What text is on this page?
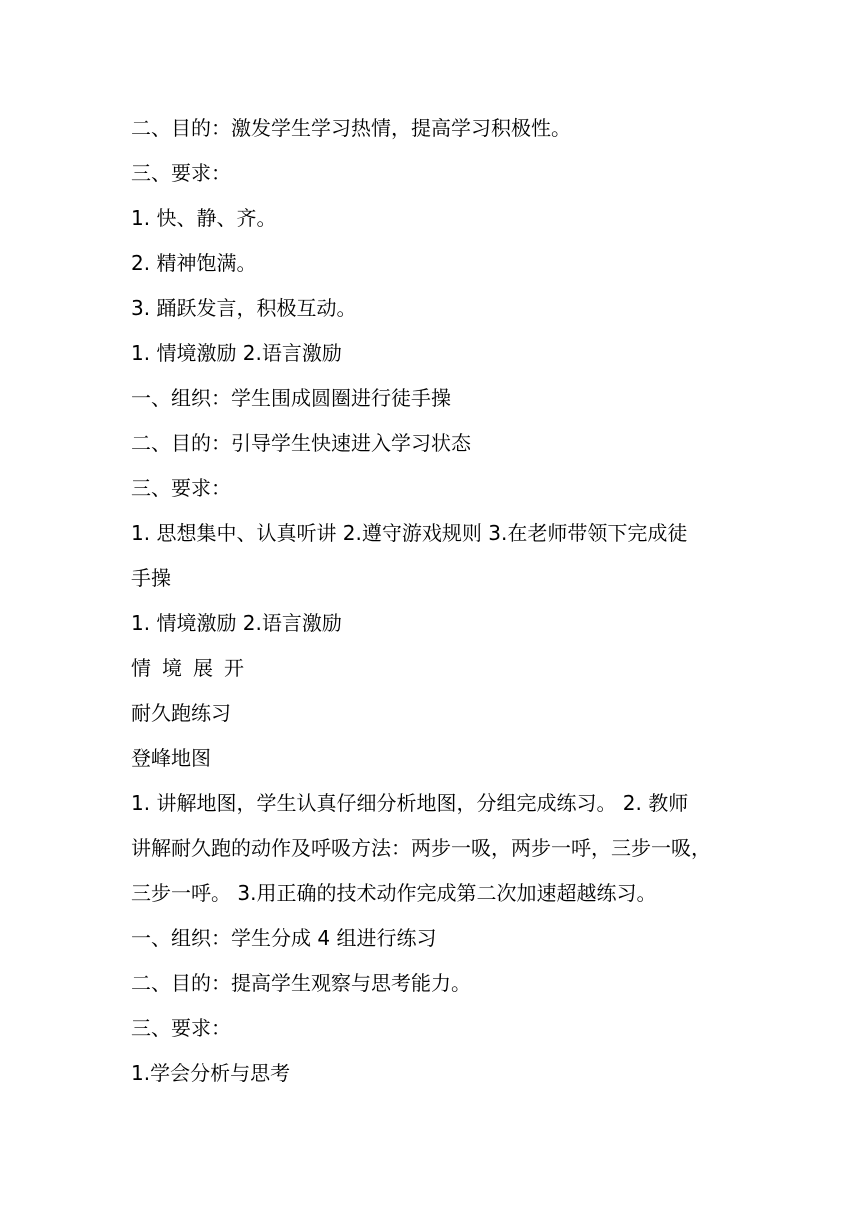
二、目的：激发学生学习热情，提高学习积极性。
三、要求：
1. 快、静、齐。
2. 精神饱满。
3. 踊跃发言，积极互动。
1. 情境激励 2.语言激励
一、组织：学生围成圆圈进行徒手操
二、目的：引导学生快速进入学习状态
三、要求：
1. 思想集中、认真听讲 2.遵守游戏规则 3.在老师带领下完成徒
手操
1. 情境激励 2.语言激励
情境展开
耐久跑练习
登峰地图
1. 讲解地图，学生认真仔细分析地图，分组完成练习。 2. 教师
讲解耐久跑的动作及呼吸方法：两步一吸，两步一呼，三步一吸，
三步一呼。 3.用正确的技术动作完成第二次加速超越练习。
一、组织：学生分成 4 组进行练习
二、目的：提高学生观察与思考能力。
三、要求：
1.学会分析与思考
